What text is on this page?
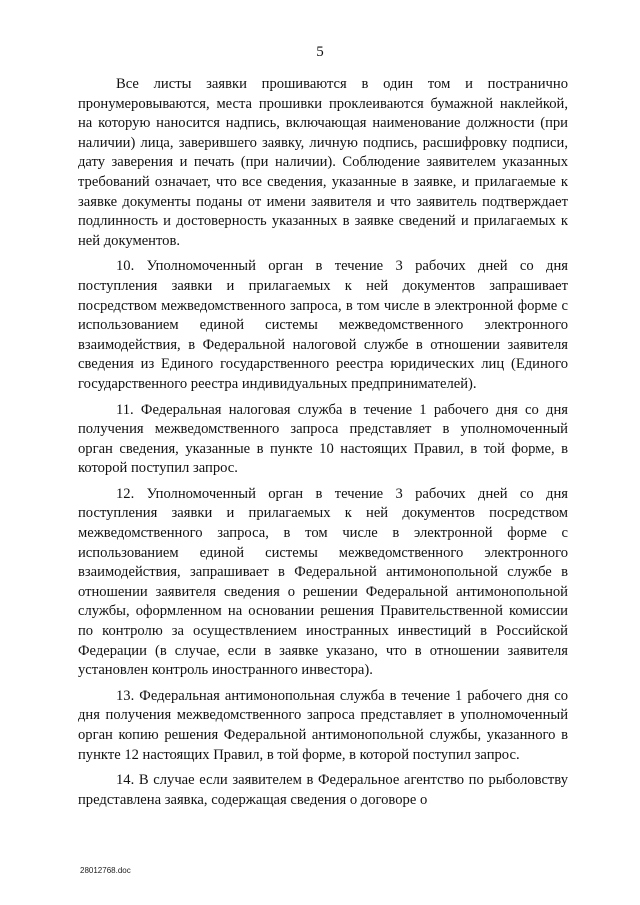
5

Все листы заявки прошиваются в один том и постранично пронумеровываются, места прошивки проклеиваются бумажной наклейкой, на которую наносится надпись, включающая наименование должности (при наличии) лица, заверившего заявку, личную подпись, расшифровку подписи, дату заверения и печать (при наличии). Соблюдение заявителем указанных требований означает, что все сведения, указанные в заявке, и прилагаемые к заявке документы поданы от имени заявителя и что заявитель подтверждает подлинность и достоверность указанных в заявке сведений и прилагаемых к ней документов.

10. Уполномоченный орган в течение 3 рабочих дней со дня поступления заявки и прилагаемых к ней документов запрашивает посредством межведомственного запроса, в том числе в электронной форме с использованием единой системы межведомственного электронного взаимодействия, в Федеральной налоговой службе в отношении заявителя сведения из Единого государственного реестра юридических лиц (Единого государственного реестра индивидуальных предпринимателей).

11. Федеральная налоговая служба в течение 1 рабочего дня со дня получения межведомственного запроса представляет в уполномоченный орган сведения, указанные в пункте 10 настоящих Правил, в той форме, в которой поступил запрос.

12. Уполномоченный орган в течение 3 рабочих дней со дня поступления заявки и прилагаемых к ней документов посредством межведомственного запроса, в том числе в электронной форме с использованием единой системы межведомственного электронного взаимодействия, запрашивает в Федеральной антимонопольной службе в отношении заявителя сведения о решении Федеральной антимонопольной службы, оформленном на основании решения Правительственной комиссии по контролю за осуществлением иностранных инвестиций в Российской Федерации (в случае, если в заявке указано, что в отношении заявителя установлен контроль иностранного инвестора).

13. Федеральная антимонопольная служба в течение 1 рабочего дня со дня получения межведомственного запроса представляет в уполномоченный орган копию решения Федеральной антимонопольной службы, указанного в пункте 12 настоящих Правил, в той форме, в которой поступил запрос.

14. В случае если заявителем в Федеральное агентство по рыболовству представлена заявка, содержащая сведения о договоре о

28012768.doc
